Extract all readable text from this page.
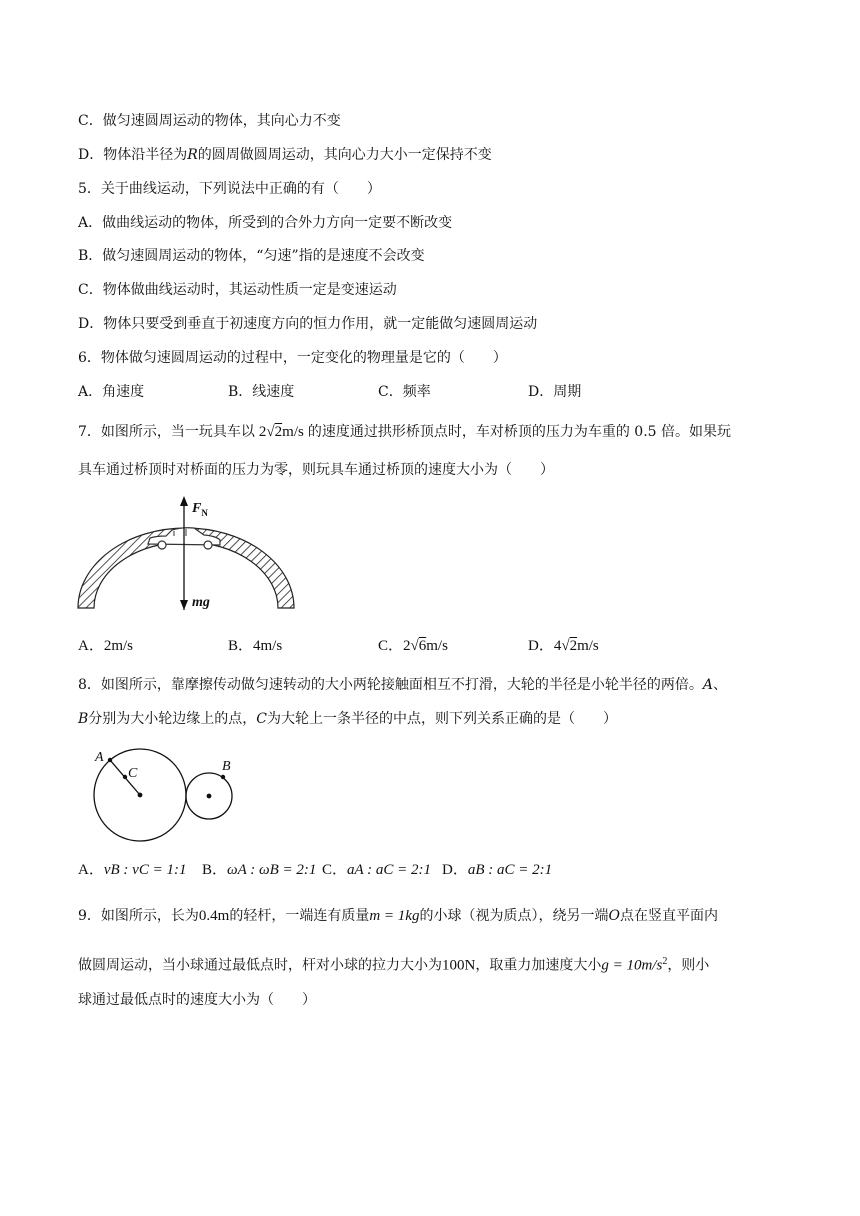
C．做匀速圆周运动的物体，其向心力不变
D．物体沿半径为R的圆周做圆周运动，其向心力大小一定保持不变
5．关于曲线运动，下列说法中正确的有（　　）
A．做曲线运动的物体，所受到的合外力方向一定要不断改变
B．做匀速圆周运动的物体，“匀速”指的是速度不会改变
C．物体做曲线运动时，其运动性质一定是变速运动
D．物体只要受到垂直于初速度方向的恒力作用，就一定能做匀速圆周运动
6．物体做匀速圆周运动的过程中，一定变化的物理量是它的（　　）
A．角速度	B．线速度	C．频率	D．周期
7．如图所示，当一玩具车以 2√2m/s 的速度通过拱形桥顶点时，车对桥顶的压力为车重的 0.5 倍。如果玩
具车通过桥顶时对桥面的压力为零，则玩具车通过桥顶的速度大小为（　　）
$F_N$
mg
A．2m/s	B．4m/s	C．2√6m/s	D．4√2m/s
8．如图所示，靠摩擦传动做匀速转动的大小两轮接触面相互不打滑，大轮的半径是小轮半径的两倍。A、
B分别为大小轮边缘上的点，C为大轮上一条半径的中点，则下列关系正确的是（　　）
A
C	B
A．vB : vC = 1:1 B．ωA : ωB = 2:1 C．aA : aC = 2:1 D．aB : aC = 2:1
9．如图所示，长为0.4m的轻杆，一端连有质量m = 1kg的小球（视为质点），绕另一端O点在竖直平面内
做圆周运动，当小球通过最低点时，杆对小球的拉力大小为100N，取重力加速度大小$g = 10m/s^2$，则小
球通过最低点时的速度大小为（　　）
